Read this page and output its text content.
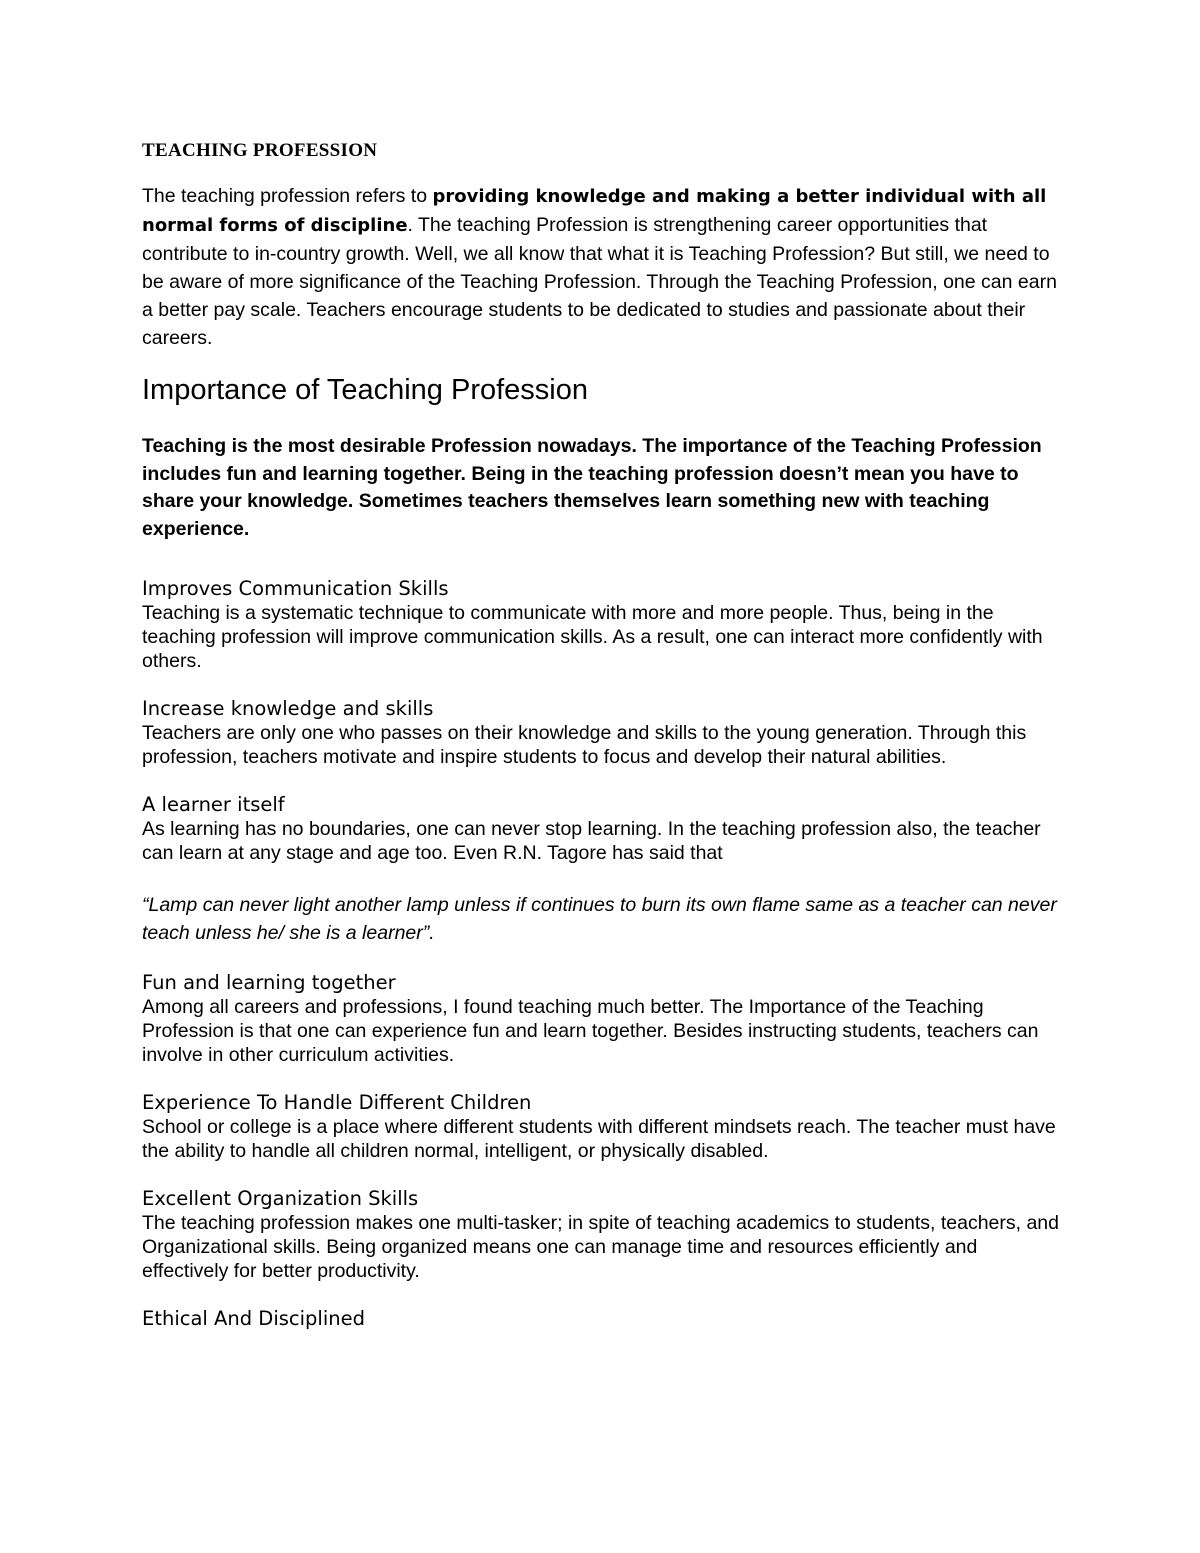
TEACHING PROFESSION

The teaching profession refers to providing knowledge and making a better individual with all normal forms of discipline. The teaching Profession is strengthening career opportunities that contribute to in-country growth. Well, we all know that what it is Teaching Profession? But still, we need to be aware of more significance of the Teaching Profession. Through the Teaching Profession, one can earn a better pay scale. Teachers encourage students to be dedicated to studies and passionate about their careers.

Importance of Teaching Profession

Teaching is the most desirable Profession nowadays. The importance of the Teaching Profession includes fun and learning together. Being in the teaching profession doesn’t mean you have to share your knowledge. Sometimes teachers themselves learn something new with teaching experience.

Improves Communication Skills

Teaching is a systematic technique to communicate with more and more people. Thus, being in the teaching profession will improve communication skills. As a result, one can interact more confidently with others.

Increase knowledge and skills

Teachers are only one who passes on their knowledge and skills to the young generation. Through this profession, teachers motivate and inspire students to focus and develop their natural abilities.

A learner itself

As learning has no boundaries, one can never stop learning. In the teaching profession also, the teacher can learn at any stage and age too. Even R.N. Tagore has said that

“Lamp can never light another lamp unless if continues to burn its own flame same as a teacher can never teach unless he/ she is a learner”.

Fun and learning together

Among all careers and professions, I found teaching much better. The Importance of the Teaching Profession is that one can experience fun and learn together. Besides instructing students, teachers can involve in other curriculum activities.

Experience To Handle Different Children

School or college is a place where different students with different mindsets reach. The teacher must have the ability to handle all children normal, intelligent, or physically disabled.

Excellent Organization Skills

The teaching profession makes one multi-tasker; in spite of teaching academics to students, teachers, and Organizational skills. Being organized means one can manage time and resources efficiently and effectively for better productivity.

Ethical And Disciplined
